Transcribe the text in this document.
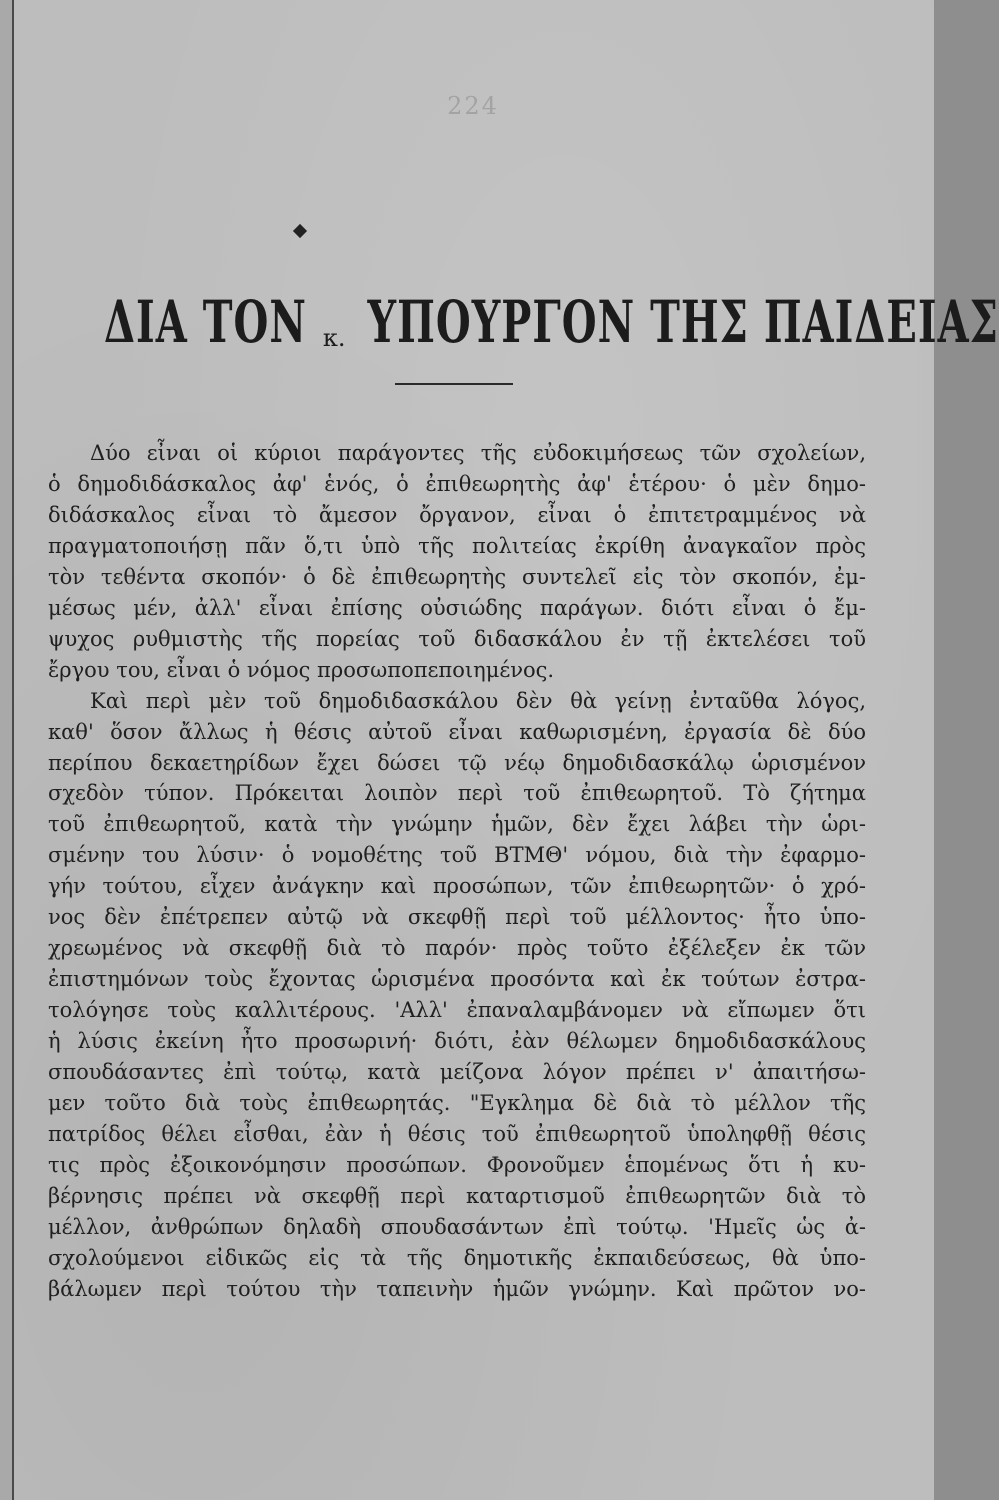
224
ΔΙΑ ΤΟΝ κ. ΥΠΟΥΡΓΟΝ ΤΗΣ ΠΑΙΔΕΙΑΣ
Δύο εἶναι οἱ κύριοι παράγοντες τῆς εὐδοκιμήσεως τῶν σχολείων,
ὁ δημοδιδάσκαλος ἀφ' ἑνός, ὁ ἐπιθεωρητὴς ἀφ' ἑτέρου· ὁ μὲν δημο-
διδάσκαλος εἶναι τὸ ἄμεσον ὄργανον, εἶναι ὁ ἐπιτετραμμένος νὰ
πραγματοποιήσῃ πᾶν ὅ,τι ὑπὸ τῆς πολιτείας ἐκρίθη ἀναγκαῖον πρὸς
τὸν τεθέντα σκοπόν· ὁ δὲ ἐπιθεωρητὴς συντελεῖ εἰς τὸν σκοπόν, ἐμ-
μέσως μέν, ἀλλ' εἶναι ἐπίσης οὐσιώδης παράγων. διότι εἶναι ὁ ἔμ-
ψυχος ρυθμιστὴς τῆς πορείας τοῦ διδασκάλου ἐν τῇ ἐκτελέσει τοῦ
ἔργου του, εἶναι ὁ νόμος προσωποπεποιημένος.
Καὶ περὶ μὲν τοῦ δημοδιδασκάλου δὲν θὰ γείνῃ ἐνταῦθα λόγος,
καθ' ὅσον ἄλλως ἡ θέσις αὐτοῦ εἶναι καθωρισμένη, ἐργασία δὲ δύο
περίπου δεκαετηρίδων ἔχει δώσει τῷ νέῳ δημοδιδασκάλῳ ὡρισμένον
σχεδὸν τύπον. Πρόκειται λοιπὸν περὶ τοῦ ἐπιθεωρητοῦ. Τὸ ζήτημα
τοῦ ἐπιθεωρητοῦ, κατὰ τὴν γνώμην ἡμῶν, δὲν ἔχει λάβει τὴν ὡρι-
σμένην του λύσιν· ὁ νομοθέτης τοῦ ΒΤΜΘ' νόμου, διὰ τὴν ἐφαρμο-
γήν τούτου, εἶχεν ἀνάγκην καὶ προσώπων, τῶν ἐπιθεωρητῶν· ὁ χρό-
νος δὲν ἐπέτρεπεν αὐτῷ νὰ σκεφθῇ περὶ τοῦ μέλλοντος· ἦτο ὑπο-
χρεωμένος νὰ σκεφθῇ διὰ τὸ παρόν· πρὸς τοῦτο ἐξέλεξεν ἐκ τῶν
ἐπιστημόνων τοὺς ἔχοντας ὡρισμένα προσόντα καὶ ἐκ τούτων ἐστρα-
τολόγησε τοὺς καλλιτέρους. 'Αλλ' ἐπαναλαμβάνομεν νὰ εἴπωμεν ὅτι
ἡ λύσις ἐκείνη ἦτο προσωρινή· διότι, ἐὰν θέλωμεν δημοδιδασκάλους
σπουδάσαντες ἐπὶ τούτῳ, κατὰ μείζονα λόγον πρέπει ν' ἀπαιτήσω-
μεν τοῦτο διὰ τοὺς ἐπιθεωρητάς. "Εγκλημα δὲ διὰ τὸ μέλλον τῆς
πατρίδος θέλει εἶσθαι, ἐὰν ἡ θέσις τοῦ ἐπιθεωρητοῦ ὑποληφθῇ θέσις
τις πρὸς ἐξοικονόμησιν προσώπων. Φρονοῦμεν ἑπομένως ὅτι ἡ κυ-
βέρνησις πρέπει νὰ σκεφθῇ περὶ καταρτισμοῦ ἐπιθεωρητῶν διὰ τὸ
μέλλον, ἀνθρώπων δηλαδὴ σπουδασάντων ἐπὶ τούτῳ. 'Ημεῖς ὡς ἀ-
σχολούμενοι εἰδικῶς εἰς τὰ τῆς δημοτικῆς ἐκπαιδεύσεως, θὰ ὑπο-
βάλωμεν περὶ τούτου τὴν ταπεινὴν ἡμῶν γνώμην. Καὶ πρῶτον νο-
